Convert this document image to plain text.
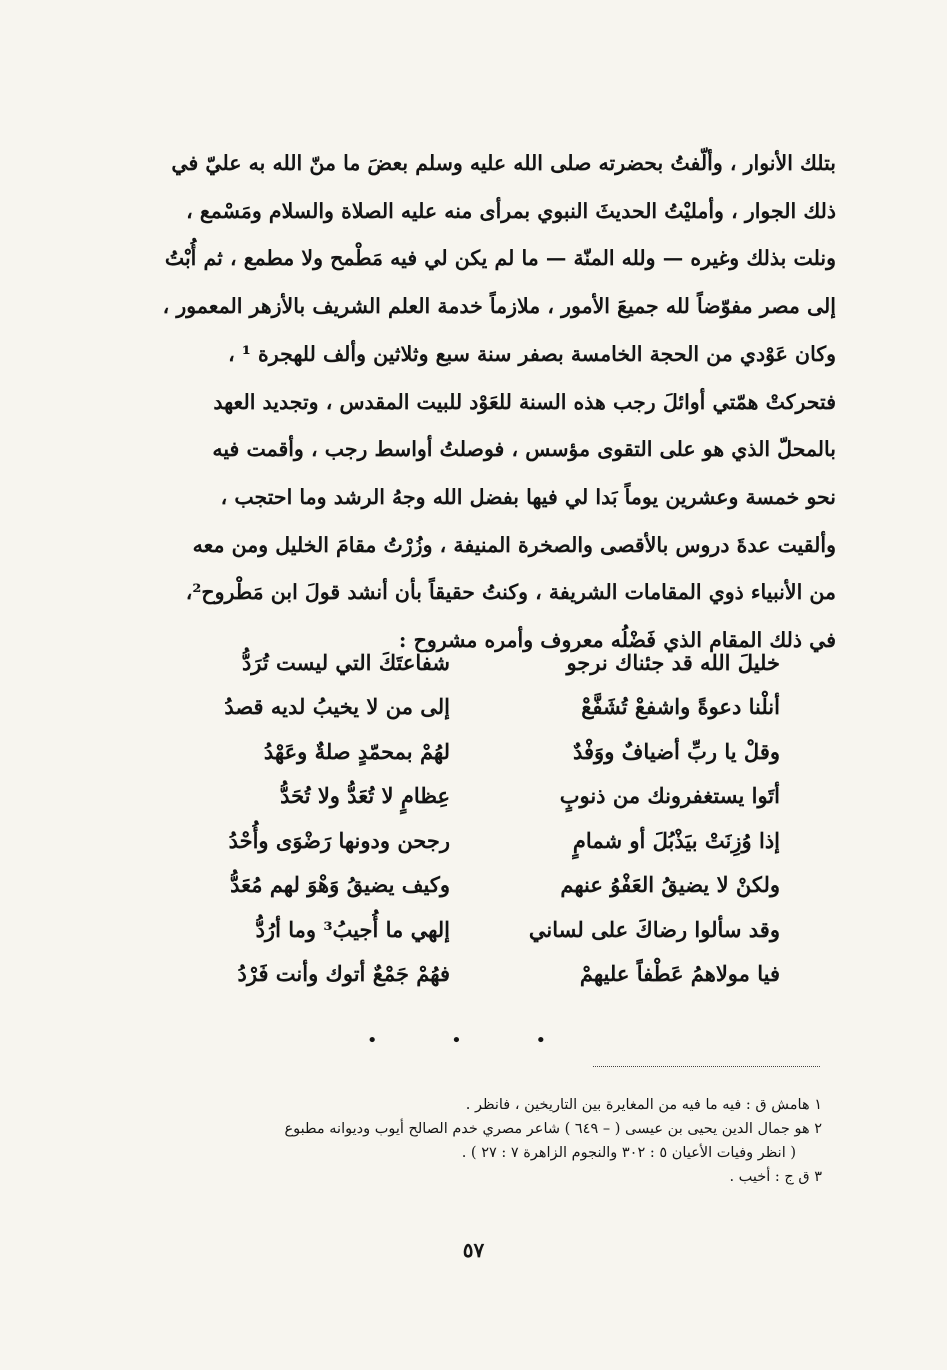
بتلك الأنوار ، وألّفتُ بحضرته صلى الله عليه وسلم بعضَ ما منّ الله به عليّ في
ذلك الجوار ، وأمليْتُ الحديثَ النبوي بمرأى منه عليه الصلاة والسلام ومَسْمع ،
ونلت بذلك وغيره — ولله المنّة — ما لم يكن لي فيه مَطْمح ولا مطمع ، ثم أُبْتُ
إلى مصر مفوّضاً لله جميعَ الأمور ، ملازماً خدمة العلم الشريف بالأزهر المعمور ،
وكان عَوْدي من الحجة الخامسة بصفر سنة سبع وثلاثين وألف للهجرة ¹ ،
فتحركتْ همّتي أوائلَ رجب هذه السنة للعَوْد للبيت المقدس ، وتجديد العهد
بالمحلّ الذي هو على التقوى مؤسس ، فوصلتُ أواسط رجب ، وأقمت فيه
نحو خمسة وعشرين يوماً بَدا لي فيها بفضل الله وجهُ الرشد وما احتجب ،
وألقيت عدةَ دروس بالأقصى والصخرة المنيفة ، وزُرْتُ مقامَ الخليل ومن معه
من الأنبياء ذوي المقامات الشريفة ، وكنتُ حقيقاً بأن أنشد قولَ ابن مَطْروح²،
في ذلك المقام الذي فَضْلُه معروف وأمره مشروح :
خليلَ الله قد جئناك نرجو
شفاعتَكَ التي ليست تُرَدُّ
أنلْنا دعوةً واشفعْ تُشَفَّعْ
إلى من لا يخيبُ لديه قصدُ
وقلْ يا ربِّ أضيافٌ ووَفْدٌ
لهُمْ بمحمّدٍ صلةٌ وعَهْدُ
أتَوا يستغفرونك من ذنوبٍ
عِظامٍ لا تُعَدُّ ولا تُحَدُّ
إذا وُزِنَتْ بيَذْبُلَ أو شمامٍ
رجحن ودونها رَضْوَى وأُحْدُ
ولكنْ لا يضيقُ العَفْوُ عنهم
وكيف يضيقُ وَهْوَ لهم مُعَدُّ
وقد سألوا رضاكَ على لساني
إلهي ما أُجيبُ³ وما أرُدُّ
فيا مولاهمُ عَطْفاً عليهمْ
فهُمْ جَمْعٌ أتوك وأنت فَرْدُ
• • •
١ هامش ق : فيه ما فيه من المغايرة بين التاريخين ، فانظر .
٢ هو جمال الدين يحيى بن عيسى ( – ٦٤٩ ) شاعر مصري خدم الصالح أيوب وديوانه مطبوع
( انظر وفيات الأعيان ٥ : ٣٠٢ والنجوم الزاهرة ٧ : ٢٧ ) .
٣ ق ج : أخيب .
٥٧
